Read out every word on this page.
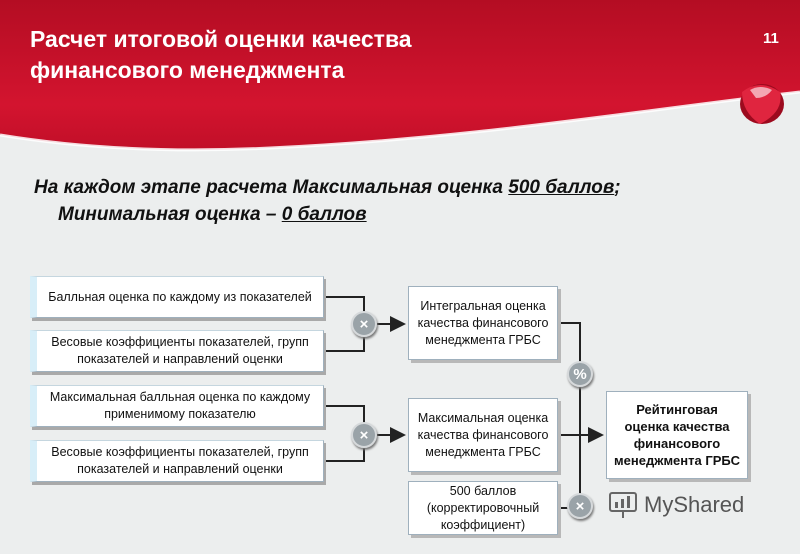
Расчет итоговой оценки качества финансового менеджмента
11
На каждом этапе расчета Максимальная оценка 500 баллов;
Минимальная оценка – 0 баллов
Балльная оценка по каждому из показателей
Весовые коэффициенты показателей, групп показателей и направлений оценки
Максимальная балльная оценка по каждому применимому показателю
Весовые коэффициенты показателей, групп показателей и направлений оценки
×
×
%
×
Интегральная оценка качества финансового менеджмента ГРБС
Максимальная оценка качества финансового менеджмента ГРБС
500 баллов (корректировочный коэффициент)
Рейтинговая оценка качества финансового менеджмента ГРБС
MyShared
